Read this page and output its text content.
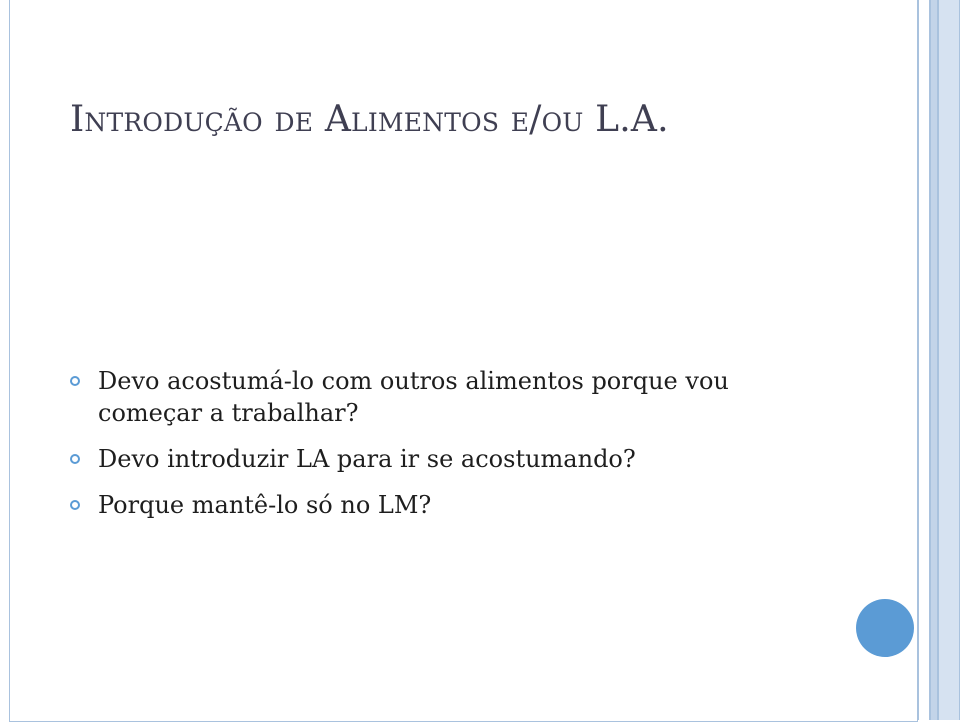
Introdução de Alimentos e/ou L.A.
Devo acostumá-lo com outros alimentos porque vou começar a trabalhar?
Devo introduzir LA para ir se acostumando?
Porque mantê-lo só no LM?
